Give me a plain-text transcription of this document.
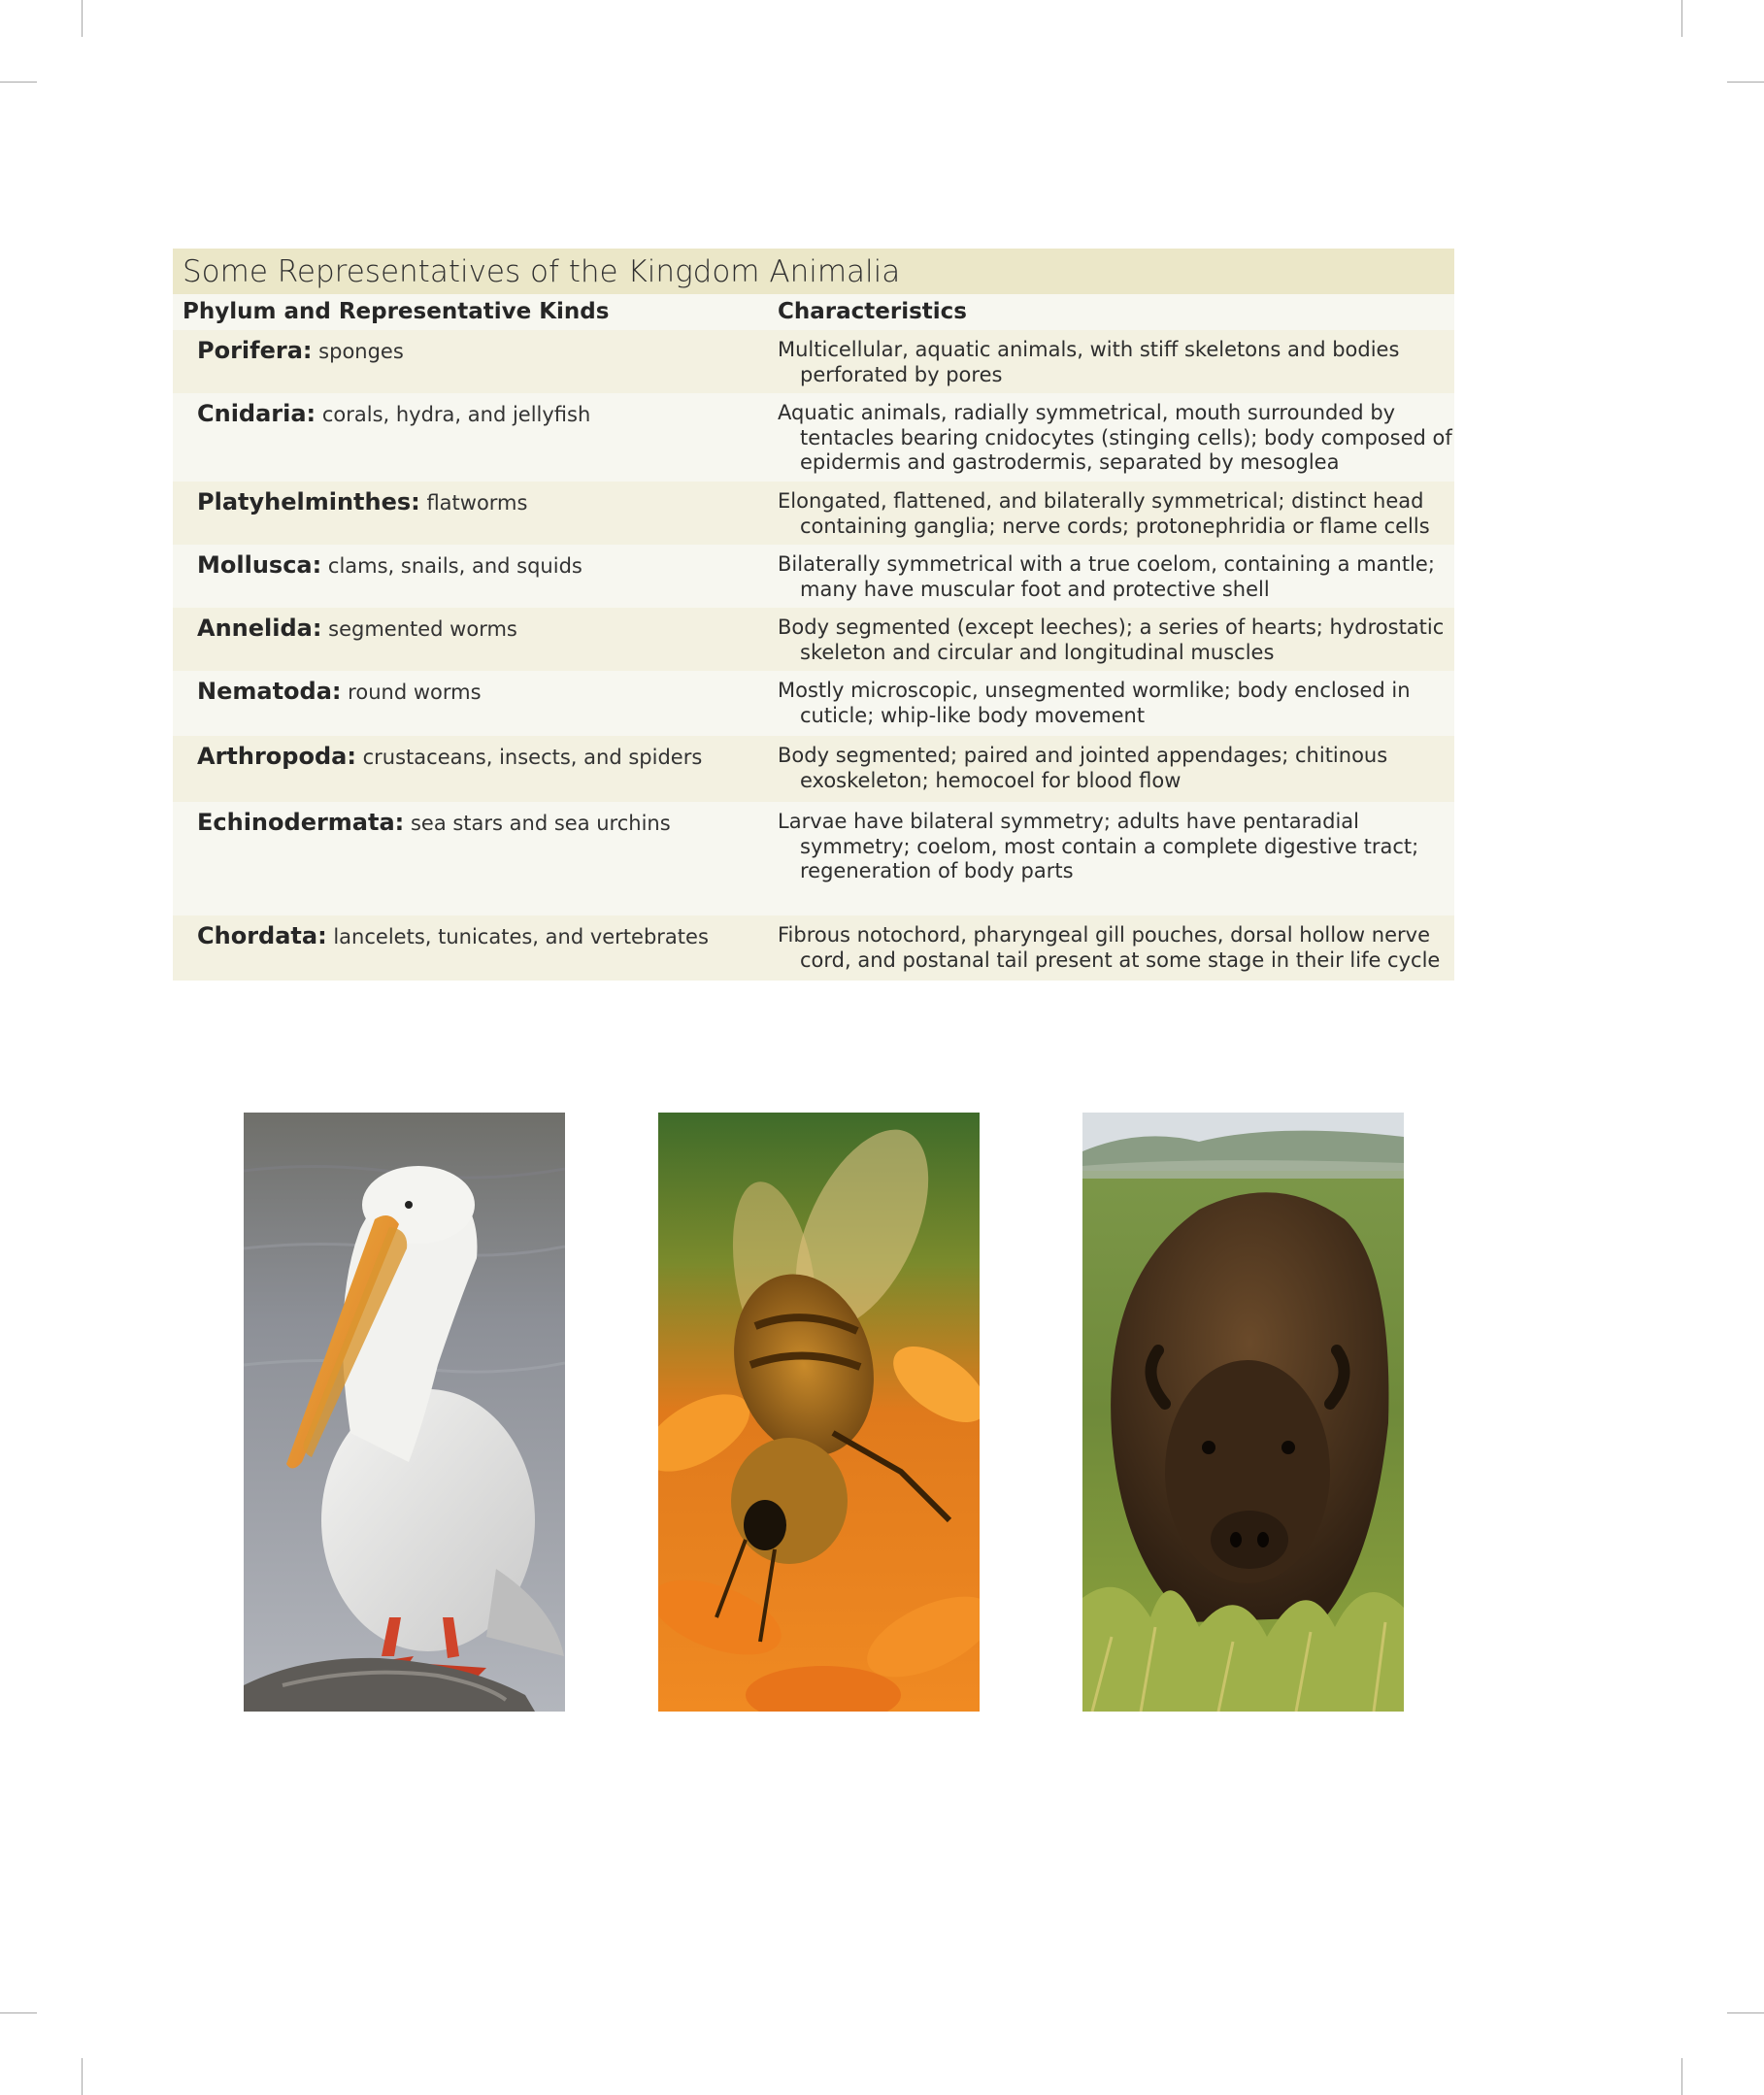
Some Representatives of the Kingdom Animalia
Phylum and Representative Kinds	Characteristics
Porifera: sponges	Multicellular, aquatic animals, with stiff skeletons and bodies
perforated by pores
Cnidaria: corals, hydra, and jellyfish	Aquatic animals, radially symmetrical, mouth surrounded by
tentacles bearing cnidocytes (stinging cells); body composed of
epidermis and gastrodermis, separated by mesoglea
Platyhelminthes: flatworms	Elongated, flattened, and bilaterally symmetrical; distinct head
containing ganglia; nerve cords; protonephridia or flame cells
Mollusca: clams, snails, and squids	Bilaterally symmetrical with a true coelom, containing a mantle;
many have muscular foot and protective shell
Annelida: segmented worms	Body segmented (except leeches); a series of hearts; hydrostatic
skeleton and circular and longitudinal muscles
Nematoda: round worms	Mostly microscopic, unsegmented wormlike; body enclosed in
cuticle; whip-like body movement
Arthropoda: crustaceans, insects, and spiders	Body segmented; paired and jointed appendages; chitinous
exoskeleton; hemocoel for blood flow
Echinodermata: sea stars and sea urchins	Larvae have bilateral symmetry; adults have pentaradial
symmetry; coelom, most contain a complete digestive tract;
regeneration of body parts
Chordata: lancelets, tunicates, and vertebrates	Fibrous notochord, pharyngeal gill pouches, dorsal hollow nerve
cord, and postanal tail present at some stage in their life cycle
